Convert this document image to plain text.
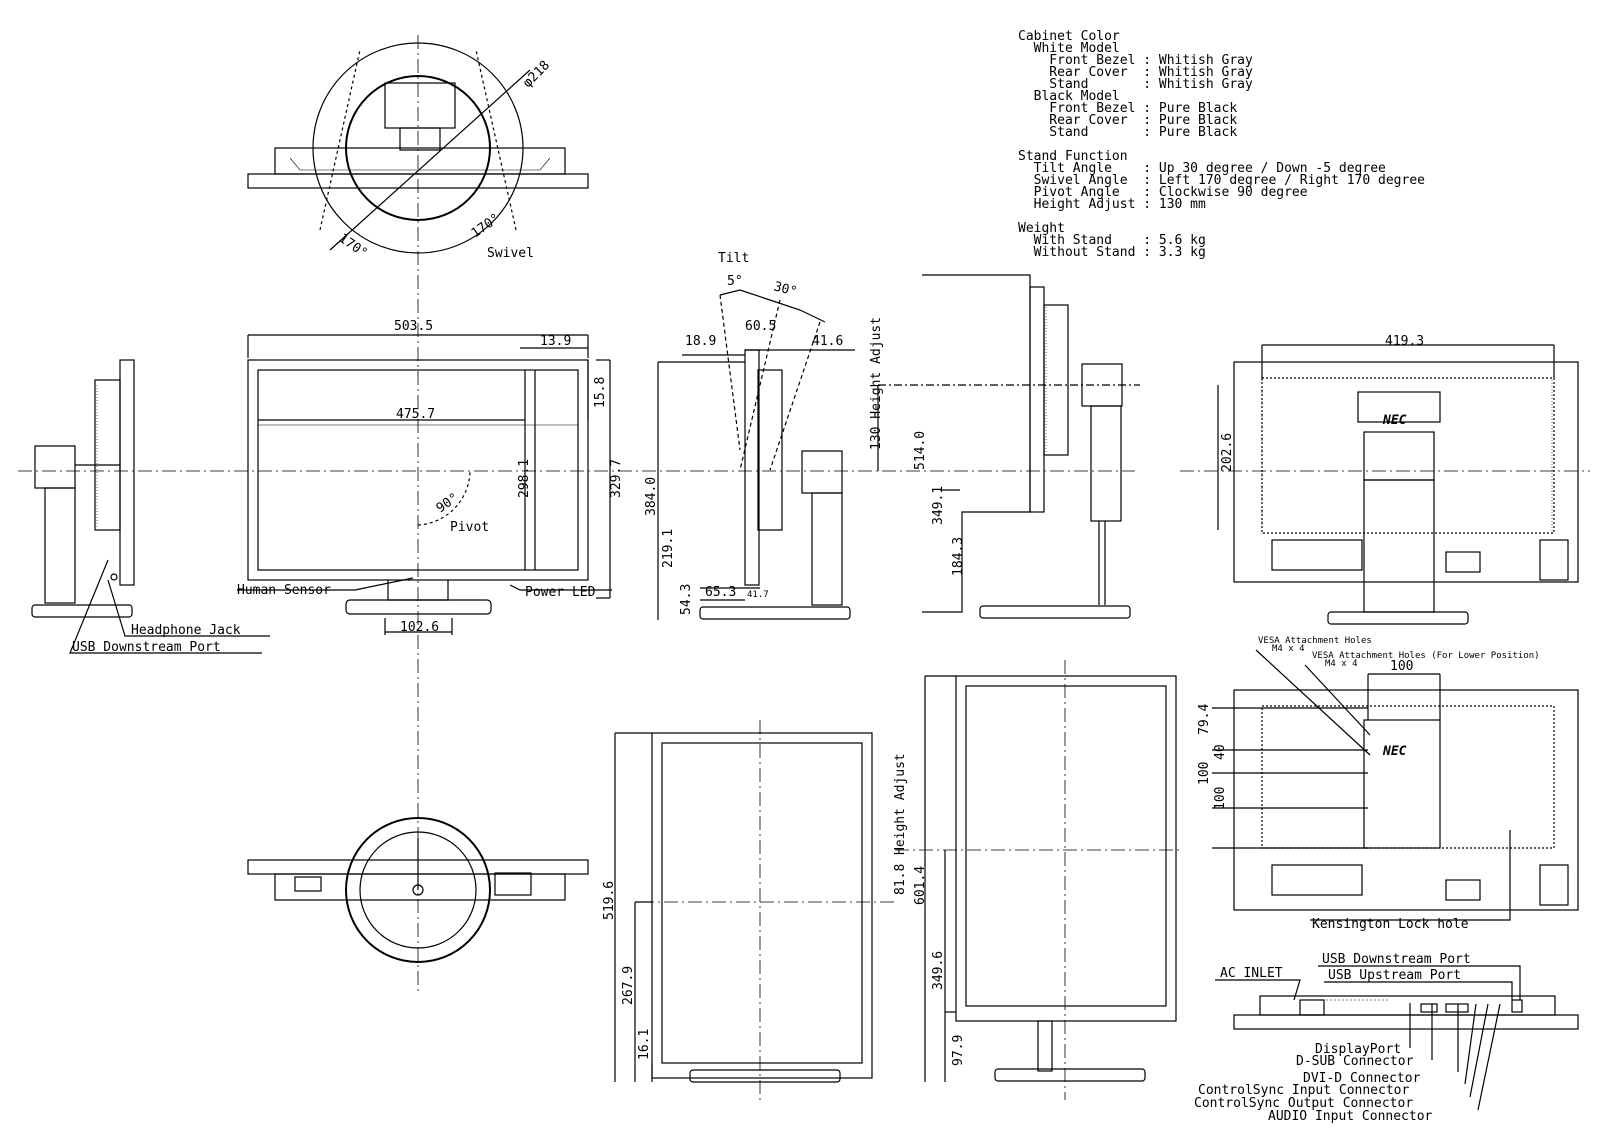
Cabinet Color
White Model
Front Bezel : Whitish Gray
Rear Cover  : Whitish Gray
Stand       : Whitish Gray
Black Model
Front Bezel : Pure Black
Rear Cover  : Pure Black
Stand       : Pure Black
Stand Function
Tilt Angle    : Up 30 degree / Down -5 degree
Swivel Angle  : Left 170 degree / Right 170 degree
Pivot Angle   : Clockwise 90 degree
Height Adjust : 130 mm
Weight
With Stand    : 5.6 kg
Without Stand : 3.3 kg
φ218
170°
170°
Swivel
503.5
13.9
15.8
475.7
298.1	329.7
90°
Pivot
102.6
Human Sensor	Power LED
Headphone Jack
USB Downstream Port
Tilt
5° 30°
18.9
60.5
41.6
384.0
219.1
54.3 65.3 41.7
130 Height Adjust
514.0
349.1
184.3
419.3
202.6
NEC
VESA Attachment Holes
M4 x 4
VESA Attachment Holes (For Lower Position)
M4 x 4 100
79.4
40
100
100
NEC
Kensington Lock hole
519.6
267.9
16.1
Height Adjust
81.8 601.4
349.6
97.9
USB Downstream Port
USB Upstream Port
AC INLET
DisplayPort
D-SUB Connector
DVI-D Connector
ControlSync Input Connector
ControlSync Output Connector
AUDIO Input Connector
